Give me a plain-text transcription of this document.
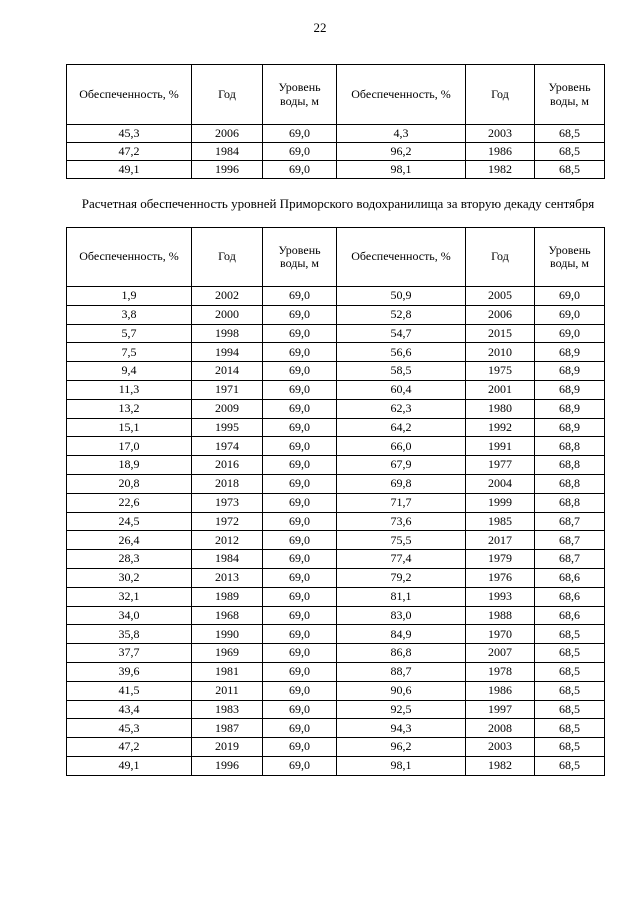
22
Обеспеченность, %	Год	Уровень воды, м	Обеспеченность, %	Год	Уровень воды, м
45,3	2006	69,0	4,3	2003	68,5
47,2	1984	69,0	96,2	1986	68,5
49,1	1996	69,0	98,1	1982	68,5
Расчетная обеспеченность уровней Приморского водохранилища за вторую декаду сентября
Обеспеченность, %	Год	Уровень воды, м	Обеспеченность, %	Год	Уровень воды, м
1,9	2002	69,0	50,9	2005	69,0
3,8	2000	69,0	52,8	2006	69,0
5,7	1998	69,0	54,7	2015	69,0
7,5	1994	69,0	56,6	2010	68,9
9,4	2014	69,0	58,5	1975	68,9
11,3	1971	69,0	60,4	2001	68,9
13,2	2009	69,0	62,3	1980	68,9
15,1	1995	69,0	64,2	1992	68,9
17,0	1974	69,0	66,0	1991	68,8
18,9	2016	69,0	67,9	1977	68,8
20,8	2018	69,0	69,8	2004	68,8
22,6	1973	69,0	71,7	1999	68,8
24,5	1972	69,0	73,6	1985	68,7
26,4	2012	69,0	75,5	2017	68,7
28,3	1984	69,0	77,4	1979	68,7
30,2	2013	69,0	79,2	1976	68,6
32,1	1989	69,0	81,1	1993	68,6
34,0	1968	69,0	83,0	1988	68,6
35,8	1990	69,0	84,9	1970	68,5
37,7	1969	69,0	86,8	2007	68,5
39,6	1981	69,0	88,7	1978	68,5
41,5	2011	69,0	90,6	1986	68,5
43,4	1983	69,0	92,5	1997	68,5
45,3	1987	69,0	94,3	2008	68,5
47,2	2019	69,0	96,2	2003	68,5
49,1	1996	69,0	98,1	1982	68,5
